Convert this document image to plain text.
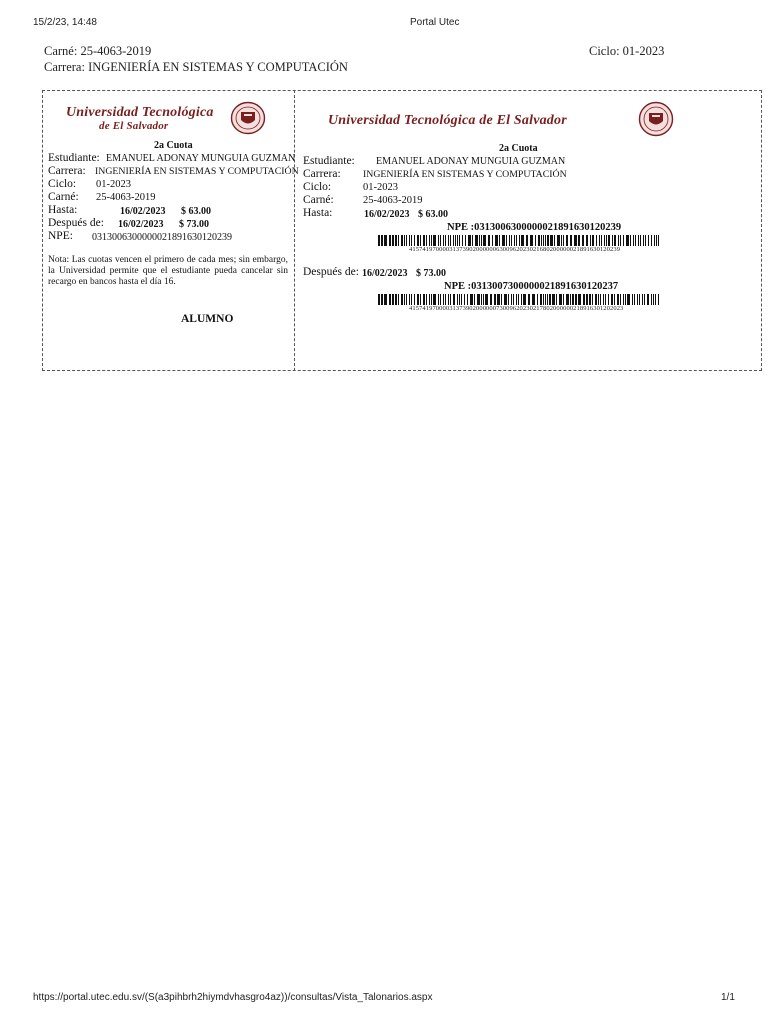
15/2/23, 14:48	Portal Utec
https://portal.utec.edu.sv/(S(a3pihbrh2hiymdvhasgro4az))/consultas/Vista_Talonarios.aspx	1/1
Carné: 25-4063-2019
Carrera: INGENIERÍA EN SISTEMAS Y COMPUTACIÓN
Ciclo: 01-2023
Universidad Tecnológica
de El Salvador
2a Cuota
Estudiante: EMANUEL ADONAY MUNGUIA GUZMAN
Carrera: INGENIERÍA EN SISTEMAS Y COMPUTACIÓN
Ciclo: 01-2023
Carné: 25-4063-2019
Hasta:	16/02/2023 $ 63.00
Después de: 16/02/2023 $ 73.00
NPE: 0313006300000021891630120239
Nota: Las cuotas vencen el primero de cada mes; sin embargo, la Universidad permite que el estudiante pueda cancelar sin recargo en bancos hasta el día 16.
ALUMNO
Universidad Tecnológica de El Salvador
2a Cuota
Estudiante: EMANUEL ADONAY MUNGUIA GUZMAN
Carrera: INGENIERÍA EN SISTEMAS Y COMPUTACIÓN
Ciclo:	01-2023
Carné:	25-4063-2019
Hasta:	16/02/2023 $ 63.00
NPE :0313006300000021891630120239
415741970000313739020000006300962023021680200000021891630120239
Después de: 16/02/2023 $ 73.00
NPE :0313007300000021891630120237
4157419700003137390200000073009620230217802000000218916301202023
